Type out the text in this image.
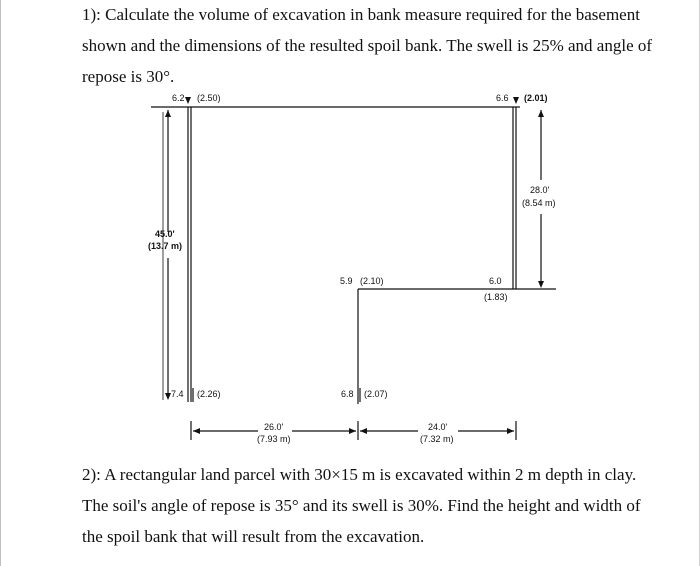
1): Calculate the volume of excavation in bank measure required for the basement
shown and the dimensions of the resulted spoil bank. The swell is 25% and angle of
repose is 30°.
6.2 (2.50)	6.6 (2.01)
28.0'
(8.54 m)
45.0'
(13.7 m)
5.9 (2.10)	6.0
(1.83)
7.4 (2.26)	6.8 (2.07)
26.0'
(7.93 m)
24.0'
(7.32 m)
2): A rectangular land parcel with 30×15 m is excavated within 2 m depth in clay.
The soil's angle of repose is 35° and its swell is 30%. Find the height and width of
the spoil bank that will result from the excavation.
